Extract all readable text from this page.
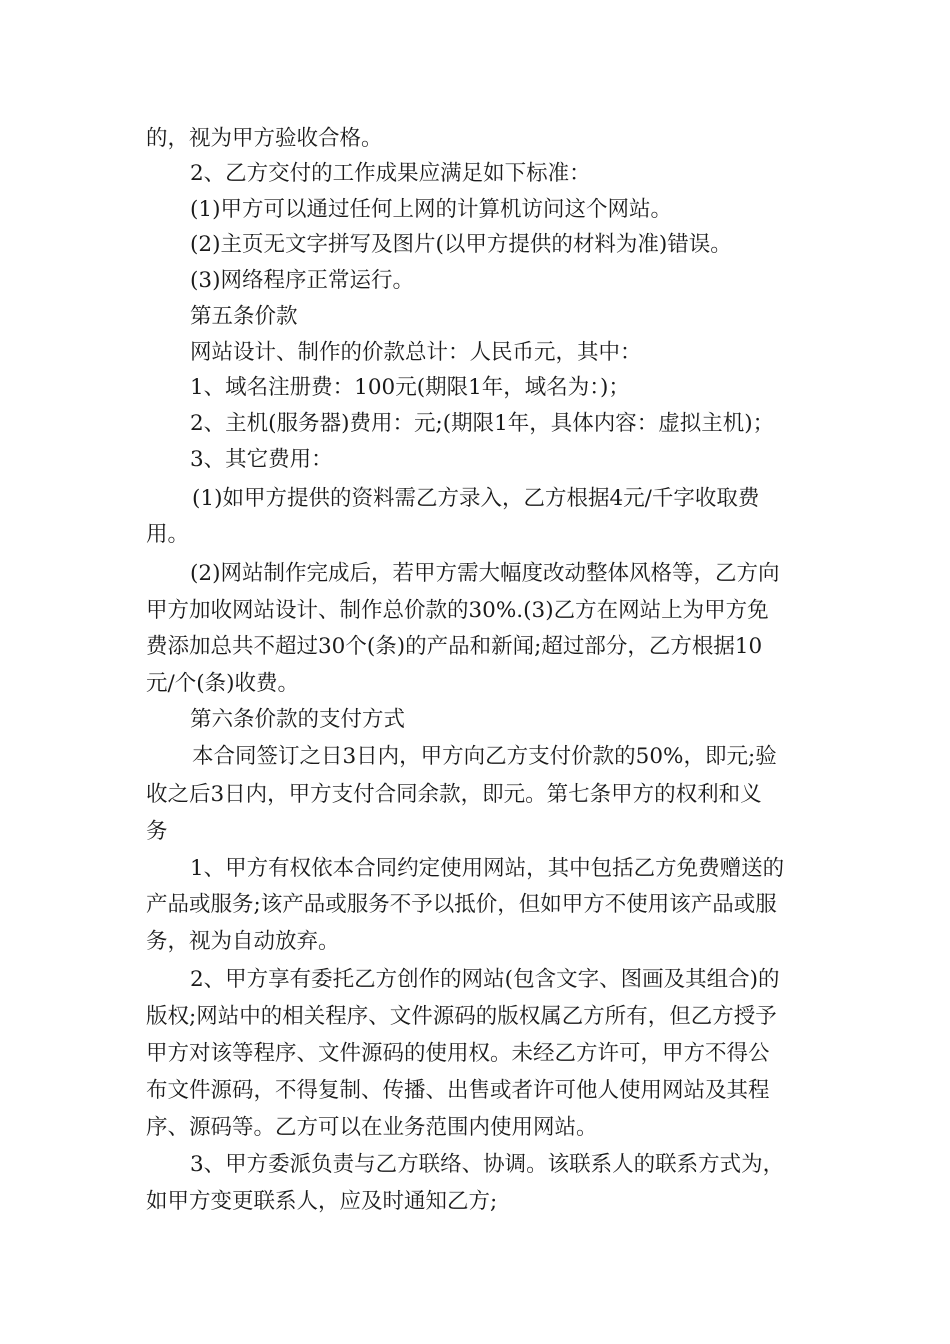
的，视为甲方验收合格。

2、乙方交付的工作成果应满足如下标准：

(1)甲方可以通过任何上网的计算机访问这个网站。

(2)主页无文字拼写及图片(以甲方提供的材料为准)错误。

(3)网络程序正常运行。

第五条价款

网站设计、制作的价款总计：人民币元，其中：

1、域名注册费：100元(期限1年，域名为：)；

2、主机(服务器)费用：元;(期限1年，具体内容：虚拟主机)；

3、其它费用：

(1)如甲方提供的资料需乙方录入，乙方根据4元/千字收取费

用。

(2)网站制作完成后，若甲方需大幅度改动整体风格等，乙方向

甲方加收网站设计、制作总价款的30%.(3)乙方在网站上为甲方免

费添加总共不超过30个(条)的产品和新闻;超过部分，乙方根据10

元/个(条)收费。

第六条价款的支付方式

本合同签订之日3日内，甲方向乙方支付价款的50%，即元;验

收之后3日内，甲方支付合同余款，即元。第七条甲方的权利和义

务

1、甲方有权依本合同约定使用网站，其中包括乙方免费赠送的

产品或服务;该产品或服务不予以抵价，但如甲方不使用该产品或服

务，视为自动放弃。

2、甲方享有委托乙方创作的网站(包含文字、图画及其组合)的

版权;网站中的相关程序、文件源码的版权属乙方所有，但乙方授予

甲方对该等程序、文件源码的使用权。未经乙方许可，甲方不得公

布文件源码，不得复制、传播、出售或者许可他人使用网站及其程

序、源码等。乙方可以在业务范围内使用网站。

3、甲方委派负责与乙方联络、协调。该联系人的联系方式为，

如甲方变更联系人，应及时通知乙方;
